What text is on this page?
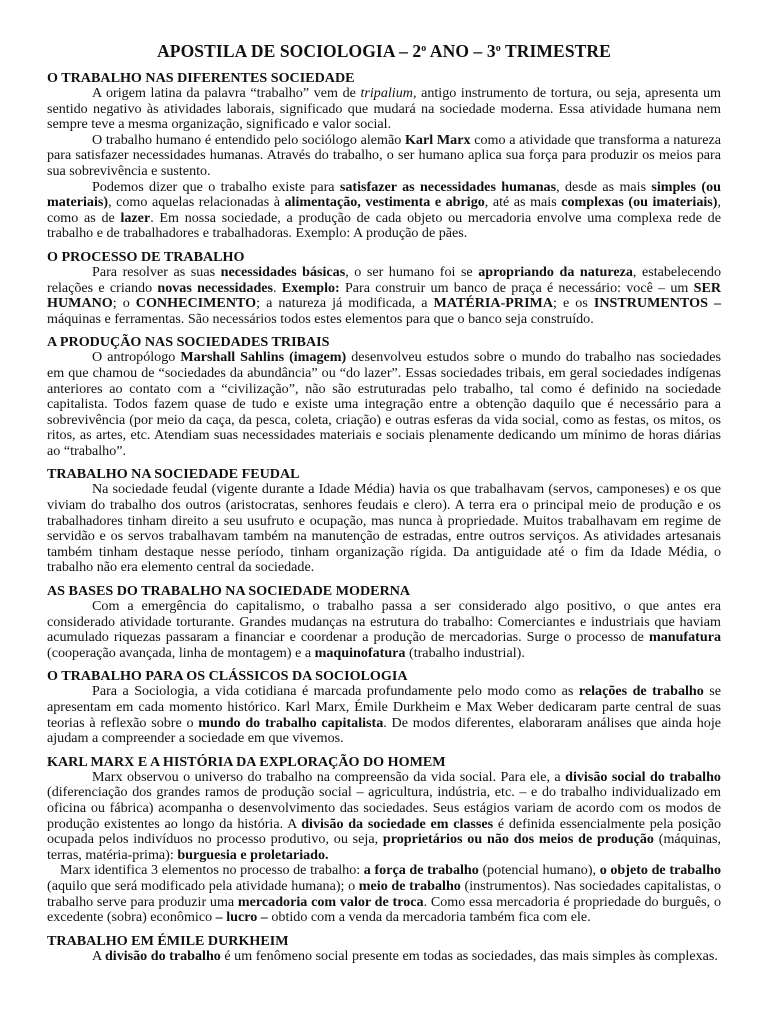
APOSTILA DE SOCIOLOGIA – 2$^o$ ANO – 3$^o$ TRIMESTRE
O TRABALHO NAS DIFERENTES SOCIEDADE

A origem latina da palavra “trabalho” vem de tripalium, antigo instrumento de tortura, ou seja, apresenta um sentido negativo às atividades laborais, significado que mudará na sociedade moderna. Essa atividade humana nem sempre teve a mesma organização, significado e valor social.

O trabalho humano é entendido pelo sociólogo alemão Karl Marx como a atividade que transforma a natureza para satisfazer necessidades humanas. Através do trabalho, o ser humano aplica sua força para produzir os meios para sua sobrevivência e sustento.

Podemos dizer que o trabalho existe para satisfazer as necessidades humanas, desde as mais simples (ou materiais), como aquelas relacionadas à alimentação, vestimenta e abrigo, até as mais complexas (ou imateriais), como as de lazer. Em nossa sociedade, a produção de cada objeto ou mercadoria envolve uma complexa rede de trabalho e de trabalhadores e trabalhadoras. Exemplo: A produção de pães.

O PROCESSO DE TRABALHO

Para resolver as suas necessidades básicas, o ser humano foi se apropriando da natureza, estabelecendo relações e criando novas necessidades. Exemplo: Para construir um banco de praça é necessário: você – um SER HUMANO; o CONHECIMENTO; a natureza já modificada, a MATÉRIA-PRIMA; e os INSTRUMENTOS – máquinas e ferramentas. São necessários todos estes elementos para que o banco seja construído.

A PRODUÇÃO NAS SOCIEDADES TRIBAIS

O antropólogo Marshall Sahlins (imagem) desenvolveu estudos sobre o mundo do trabalho nas sociedades em que chamou de “sociedades da abundância” ou “do lazer”. Essas sociedades tribais, em geral sociedades indígenas anteriores ao contato com a “civilização”, não são estruturadas pelo trabalho, tal como é definido na sociedade capitalista. Todos fazem quase de tudo e existe uma integração entre a obtenção daquilo que é necessário para a sobrevivência (por meio da caça, da pesca, coleta, criação) e outras esferas da vida social, como as festas, os mitos, os ritos, as artes, etc. Atendiam suas necessidades materiais e sociais plenamente dedicando um mínimo de horas diárias ao “trabalho”.

TRABALHO NA SOCIEDADE FEUDAL

Na sociedade feudal (vigente durante a Idade Média) havia os que trabalhavam (servos, camponeses) e os que viviam do trabalho dos outros (aristocratas, senhores feudais e clero). A terra era o principal meio de produção e os trabalhadores tinham direito a seu usufruto e ocupação, mas nunca à propriedade. Muitos trabalhavam em regime de servidão e os servos trabalhavam também na manutenção de estradas, entre outros serviços. As atividades artesanais também tinham destaque nesse período, tinham organização rígida. Da antiguidade até o fim da Idade Média, o trabalho não era elemento central da sociedade.

AS BASES DO TRABALHO NA SOCIEDADE MODERNA

Com a emergência do capitalismo, o trabalho passa a ser considerado algo positivo, o que antes era considerado atividade torturante. Grandes mudanças na estrutura do trabalho: Comerciantes e industriais que haviam acumulado riquezas passaram a financiar e coordenar a produção de mercadorias. Surge o processo de manufatura (cooperação avançada, linha de montagem) e a maquinofatura (trabalho industrial).

O TRABALHO PARA OS CLÁSSICOS DA SOCIOLOGIA

Para a Sociologia, a vida cotidiana é marcada profundamente pelo modo como as relações de trabalho se apresentam em cada momento histórico. Karl Marx, Émile Durkheim e Max Weber dedicaram parte central de suas teorias à reflexão sobre o mundo do trabalho capitalista. De modos diferentes, elaboraram análises que ainda hoje ajudam a compreender a sociedade em que vivemos.

KARL MARX E A HISTÓRIA DA EXPLORAÇÃO DO HOMEM

Marx observou o universo do trabalho na compreensão da vida social. Para ele, a divisão social do trabalho (diferenciação dos grandes ramos de produção social – agricultura, indústria, etc. – e do trabalho individualizado em oficina ou fábrica) acompanha o desenvolvimento das sociedades. Seus estágios variam de acordo com os modos de produção existentes ao longo da história. A divisão da sociedade em classes é definida essencialmente pela posição ocupada pelos indivíduos no processo produtivo, ou seja, proprietários ou não dos meios de produção (máquinas, terras, matéria-prima): burguesia e proletariado.

Marx identifica 3 elementos no processo de trabalho: a força de trabalho (potencial humano), o objeto de trabalho (aquilo que será modificado pela atividade humana); o meio de trabalho (instrumentos). Nas sociedades capitalistas, o trabalho serve para produzir uma mercadoria com valor de troca. Como essa mercadoria é propriedade do burguês, o excedente (sobra) econômico – lucro – obtido com a venda da mercadoria também fica com ele.

TRABALHO EM ÉMILE DURKHEIM

A divisão do trabalho é um fenômeno social presente em todas as sociedades, das mais simples às complexas.
